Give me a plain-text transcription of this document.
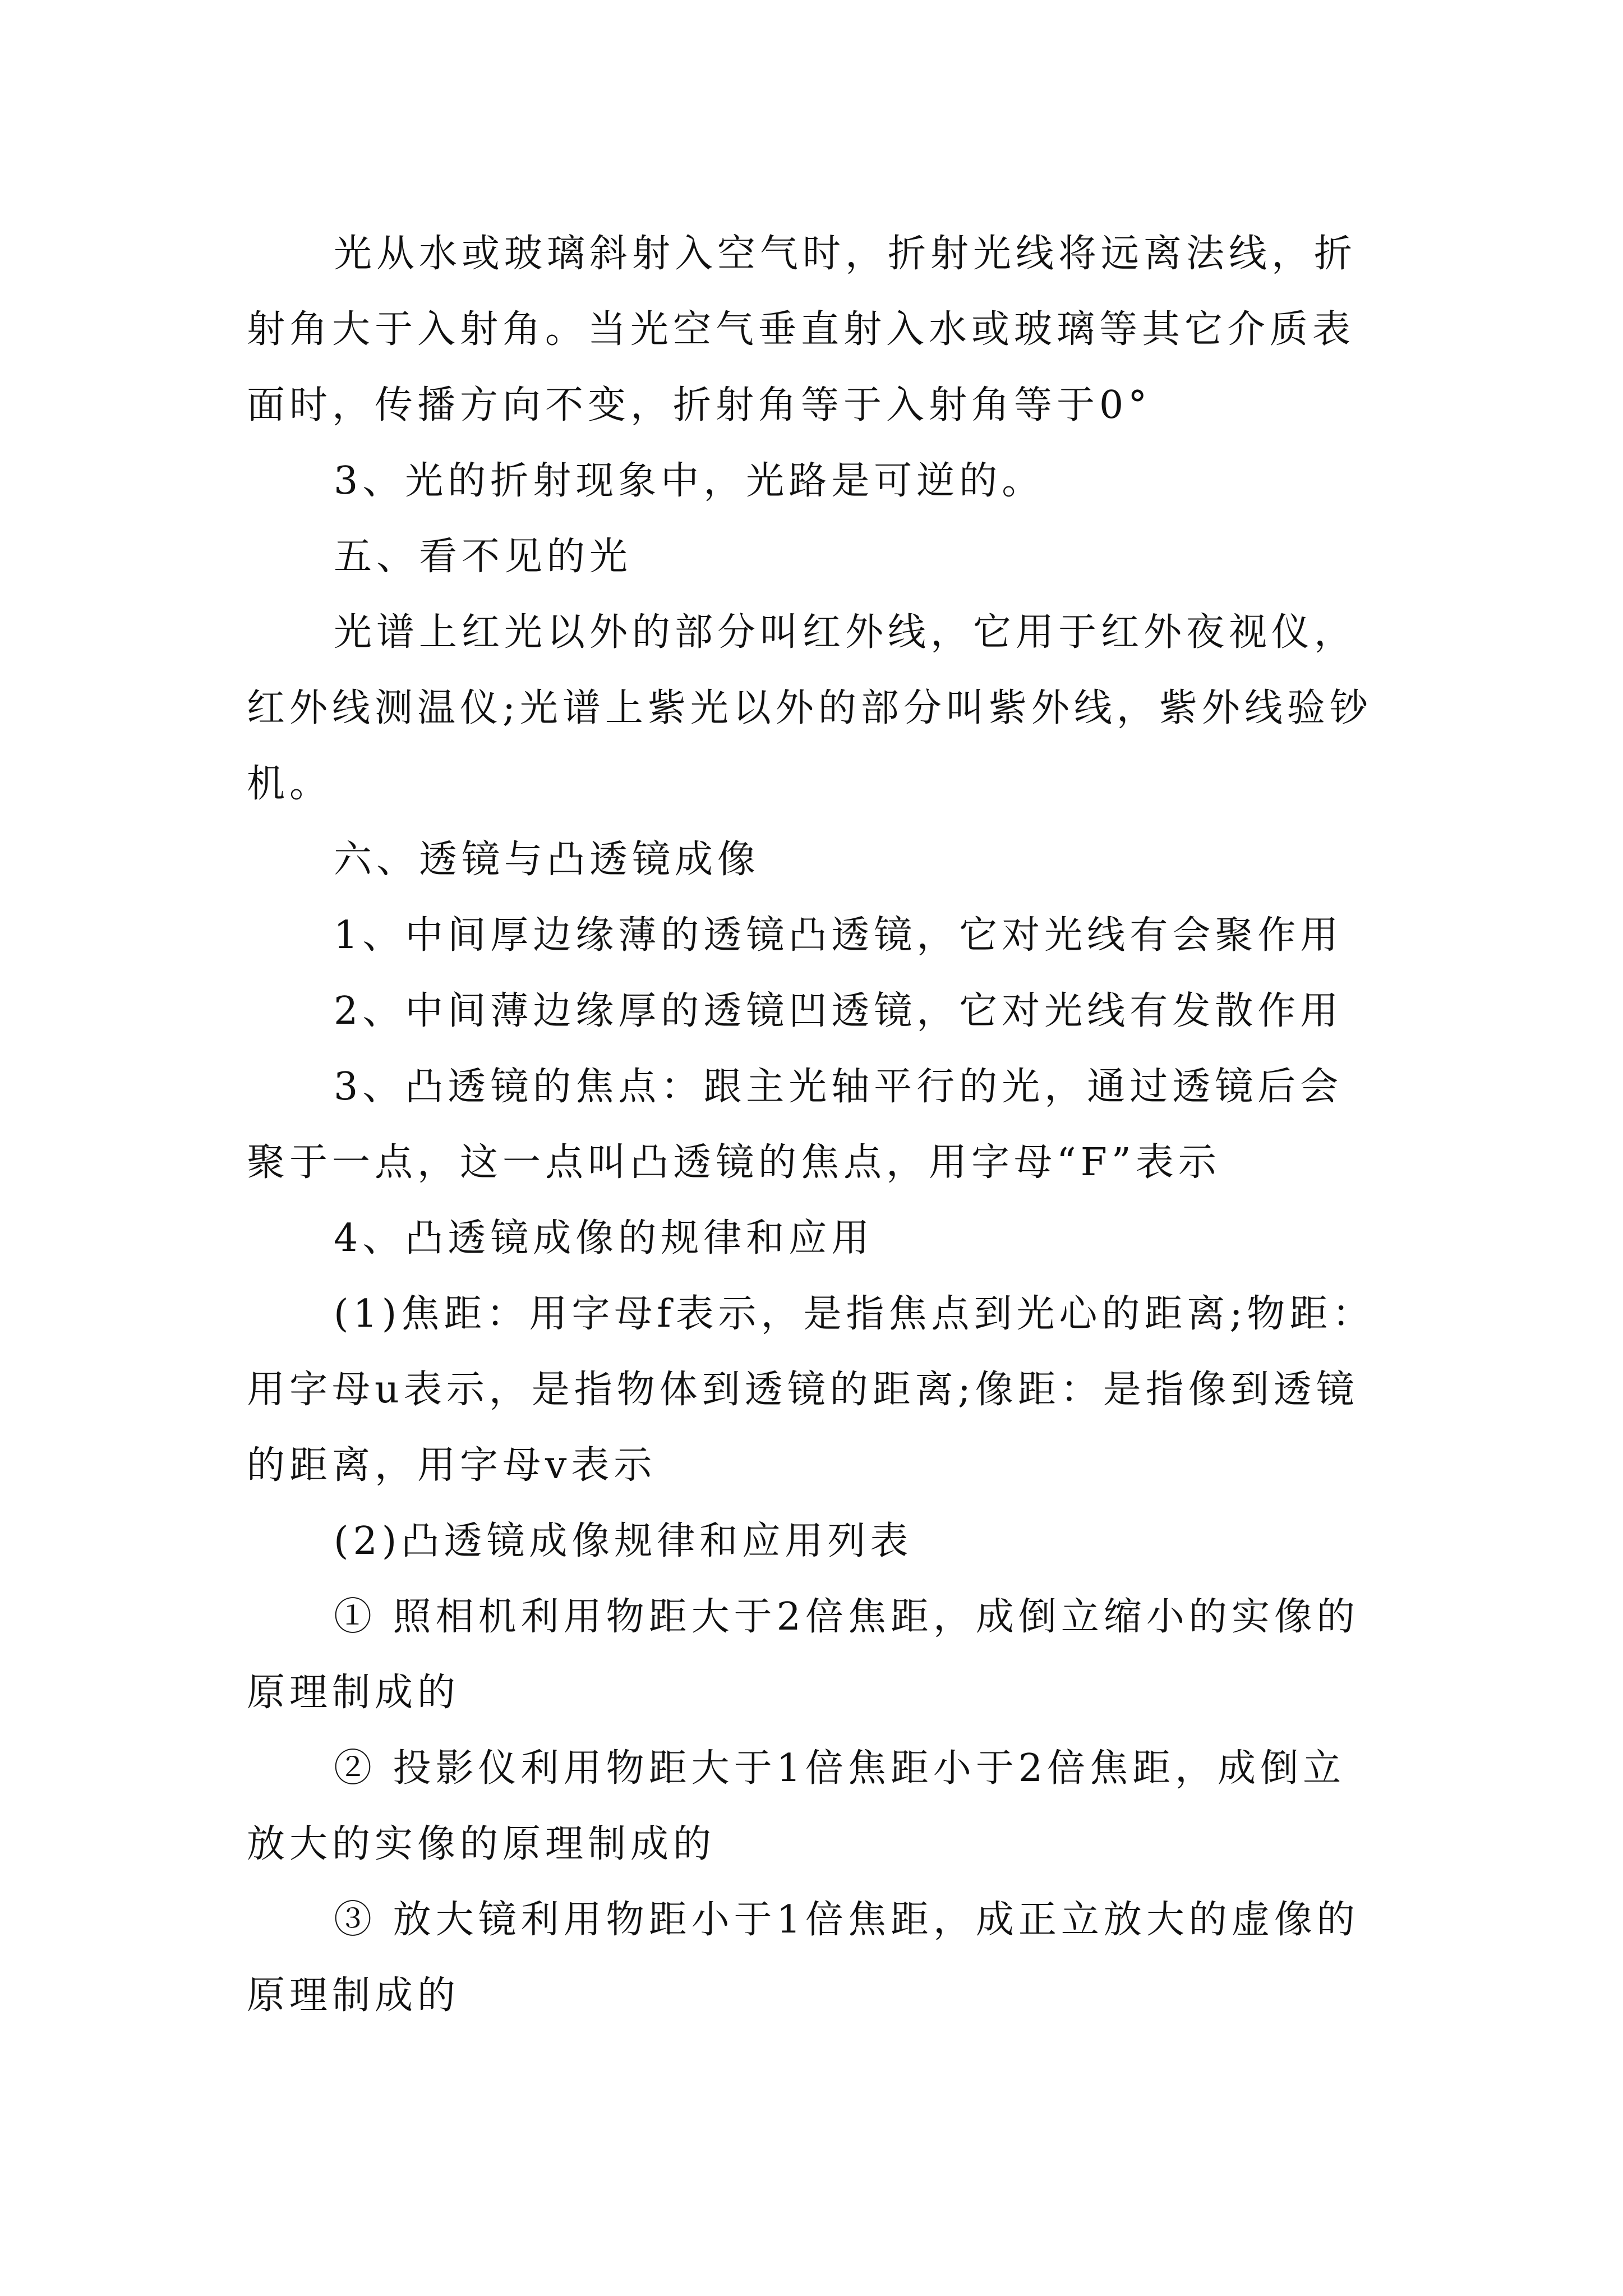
光从水或玻璃斜射入空气时，折射光线将远离法线，折射角大于入射角。当光空气垂直射入水或玻璃等其它介质表面时，传播方向不变，折射角等于入射角等于0°

3、光的折射现象中，光路是可逆的。

五、看不见的光

光谱上红光以外的部分叫红外线，它用于红外夜视仪，红外线测温仪;光谱上紫光以外的部分叫紫外线，紫外线验钞机。

六、透镜与凸透镜成像

1、中间厚边缘薄的透镜凸透镜，它对光线有会聚作用

2、中间薄边缘厚的透镜凹透镜，它对光线有发散作用

3、凸透镜的焦点：跟主光轴平行的光，通过透镜后会聚于一点，这一点叫凸透镜的焦点，用字母“F”表示

4、凸透镜成像的规律和应用

(1)焦距：用字母f表示，是指焦点到光心的距离;物距：用字母u表示，是指物体到透镜的距离;像距：是指像到透镜的距离，用字母v表示

(2)凸透镜成像规律和应用列表

① 照相机利用物距大于2倍焦距，成倒立缩小的实像的原理制成的

② 投影仪利用物距大于1倍焦距小于2倍焦距，成倒立放大的实像的原理制成的

③ 放大镜利用物距小于1倍焦距，成正立放大的虚像的原理制成的
